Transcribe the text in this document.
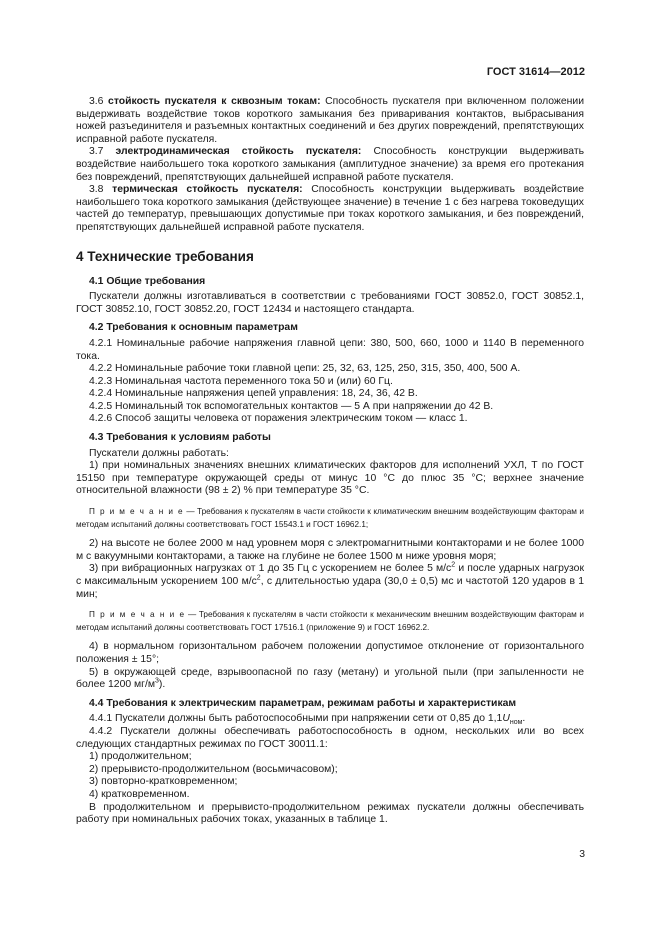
ГОСТ 31614—2012

3.6 стойкость пускателя к сквозным токам: Способность пускателя при включенном положении выдерживать воздействие токов короткого замыкания без приваривания контактов, выбрасывания ножей разъединителя и разъемных контактных соединений и без других повреждений, препятствующих исправной работе пускателя.

3.7 электродинамическая стойкость пускателя: Способность конструкции выдерживать воздействие наибольшего тока короткого замыкания (амплитудное значение) за время его протекания без повреждений, препятствующих дальнейшей исправной работе пускателя.

3.8 термическая стойкость пускателя: Способность конструкции выдерживать воздействие наибольшего тока короткого замыкания (действующее значение) в течение 1 с без нагрева токоведущих частей до температур, превышающих допустимые при токах короткого замыкания, и без повреждений, препятствующих дальнейшей исправной работе пускателя.

4 Технические требования
4.1 Общие требования

Пускатели должны изготавливаться в соответствии с требованиями ГОСТ 30852.0, ГОСТ 30852.1, ГОСТ 30852.10, ГОСТ 30852.20, ГОСТ 12434 и настоящего стандарта.

4.2 Требования к основным параметрам

4.2.1 Номинальные рабочие напряжения главной цепи: 380, 500, 660, 1000 и 1140 В переменного тока.

4.2.2 Номинальные рабочие токи главной цепи: 25, 32, 63, 125, 250, 315, 350, 400, 500 А.

4.2.3 Номинальная частота переменного тока 50 и (или) 60 Гц.

4.2.4 Номинальные напряжения цепей управления: 18, 24, 36, 42 В.

4.2.5 Номинальный ток вспомогательных контактов — 5 А при напряжении до 42 В.

4.2.6 Способ защиты человека от поражения электрическим током — класс 1.

4.3 Требования к условиям работы

Пускатели должны работать:

1) при номинальных значениях внешних климатических факторов для исполнений УХЛ, Т по ГОСТ 15150 при температуре окружающей среды от минус 10 °С до плюс 35 °С; верхнее значение относительной влажности (98 ± 2) % при температуре 35 °С.

П р и м е ч а н и е — Требования к пускателям в части стойкости к климатическим внешним воздействующим факторам и методам испытаний должны соответствовать ГОСТ 15543.1 и ГОСТ 16962.1;

2) на высоте не более 2000 м над уровнем моря с электромагнитными контакторами и не более 1000 м с вакуумными контакторами, а также на глубине не более 1500 м ниже уровня моря;

3) при вибрационных нагрузках от 1 до 35 Гц с ускорением не более 5 $м/с^2$ и после ударных нагрузок с максимальным ускорением 100 $м/с^2$, с длительностью удара (30,0 ± 0,5) мс и частотой 120 ударов в 1 мин;

П р и м е ч а н и е — Требования к пускателям в части стойкости к механическим внешним воздействующим факторам и методам испытаний должны соответствовать ГОСТ 17516.1 (приложение 9) и ГОСТ 16962.2.

4) в нормальном горизонтальном рабочем положении допустимое отклонение от горизонтального положения ± 15°;

5) в окружающей среде, взрывоопасной по газу (метану) и угольной пыли (при запыленности не более 1200 $мг/м^3$).

4.4 Требования к электрическим параметрам, режимам работы и характеристикам

4.4.1 Пускатели должны быть работоспособными при напряжении сети от 0,85 до $1,1U_{ном}$.

4.4.2 Пускатели должны обеспечивать работоспособность в одном, нескольких или во всех следующих стандартных режимах по ГОСТ 30011.1:

1) продолжительном;

2) прерывисто-продолжительном (восьмичасовом);

3) повторно-кратковременном;

4) кратковременном.

В продолжительном и прерывисто-продолжительном режимах пускатели должны обеспечивать работу при номинальных рабочих токах, указанных в таблице 1.

3
